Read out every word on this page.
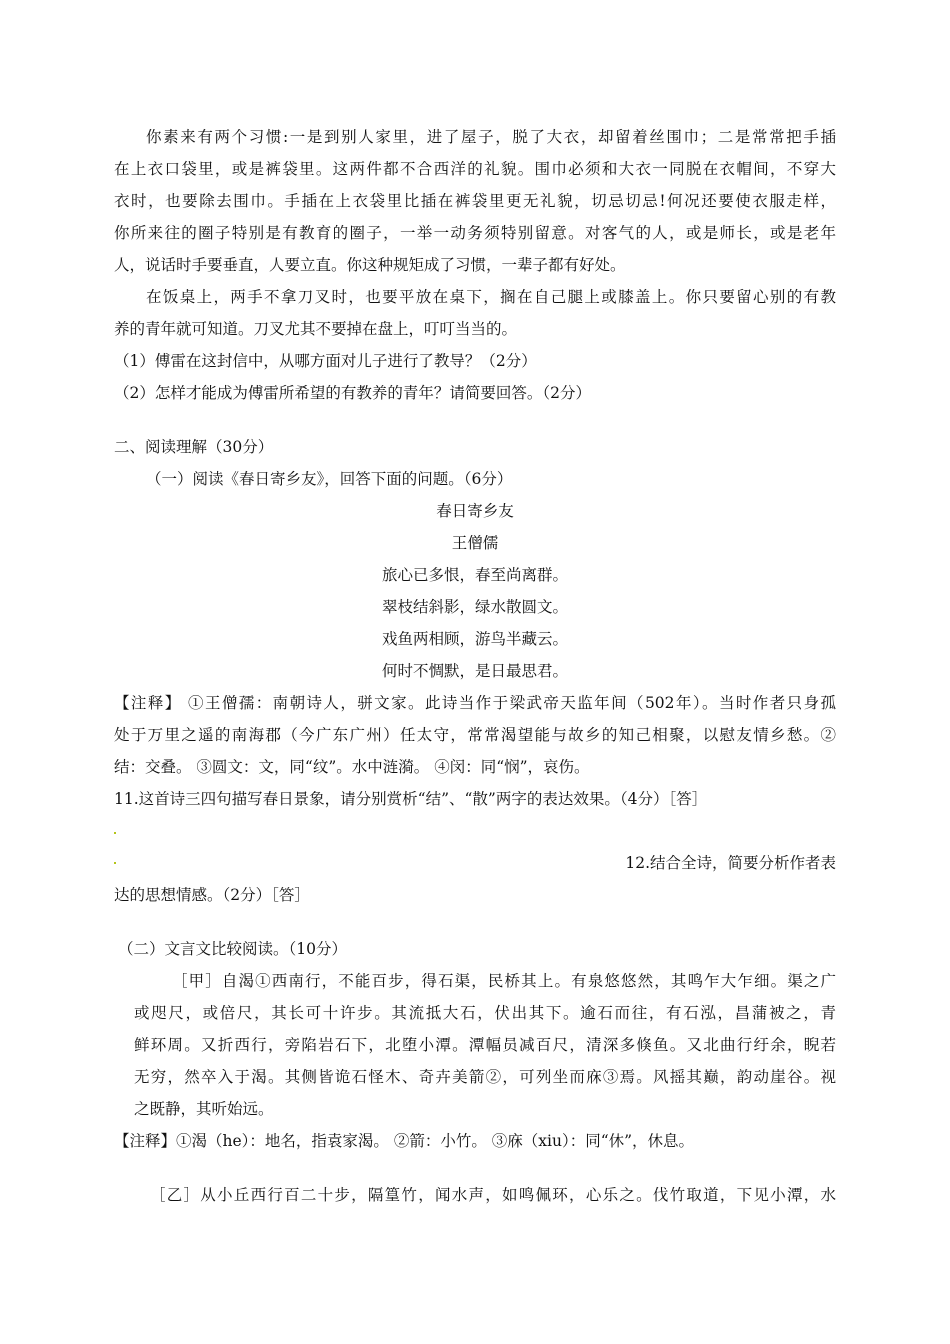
你素来有两个习惯:一是到别人家里，进了屋子，脱了大衣，却留着丝围巾；二是常常把手插
在上衣口袋里，或是裤袋里。这两件都不合西洋的礼貌。围巾必须和大衣一同脱在衣帽间，不穿大
衣时，也要除去围巾。手插在上衣袋里比插在裤袋里更无礼貌，切忌切忌!何况还要使衣服走样，
你所来往的圈子特别是有教育的圈子，一举一动务须特别留意。对客气的人，或是师长，或是老年
人，说话时手要垂直，人要立直。你这种规矩成了习惯，一辈子都有好处。
在饭桌上，两手不拿刀叉时，也要平放在桌下，搁在自己腿上或膝盖上。你只要留心别的有教
养的青年就可知道。刀叉尤其不要掉在盘上，叮叮当当的。
（1）傅雷在这封信中，从哪方面对儿子进行了教导？（2分）
（2）怎样才能成为傅雷所希望的有教养的青年？请简要回答。（2分）
二、阅读理解（30分）
（一）阅读《春日寄乡友》，回答下面的问题。（6分）
春日寄乡友
王僧儒
旅心已多恨，春至尚离群。
翠枝结斜影，绿水散圆文。
戏鱼两相顾，游鸟半藏云。
何时不惆默，是日最思君。
【注释】 ①王僧孺：南朝诗人，骈文家。此诗当作于梁武帝天监年间（502年）。当时作者只身孤
处于万里之遥的南海郡（今广东广州）任太守，常常渴望能与故乡的知己相聚，以慰友情乡愁。②
结：交叠。 ③圆文：文，同“纹”。水中涟漪。 ④闵：同“悯”，哀伤。
11.这首诗三四句描写春日景象，请分别赏析“结”、“散”两字的表达效果。（4分）［答］
12.结合全诗，简要分析作者表
达的思想情感。（2分）［答］
（二）文言文比较阅读。（10分）
［甲］自渴①西南行，不能百步，得石渠，民桥其上。有泉悠悠然，其鸣乍大乍细。渠之广
或咫尺，或倍尺，其长可十许步。其流抵大石，伏出其下。逾石而往，有石泓，昌蒲被之，青
鲜环周。又折西行，旁陷岩石下，北堕小潭。潭幅员减百尺，清深多倏鱼。又北曲行纡余，睨若
无穷，然卒入于渴。其侧皆诡石怪木、奇卉美箭②，可列坐而庥③焉。风摇其巅，韵动崖谷。视
之既静，其听始远。
【注释】①渴（he）：地名，指袁家渴。 ②箭：小竹。 ③庥（xiu）：同“休”，休息。
［乙］从小丘西行百二十步，隔篁竹，闻水声，如鸣佩环，心乐之。伐竹取道，下见小潭，水
